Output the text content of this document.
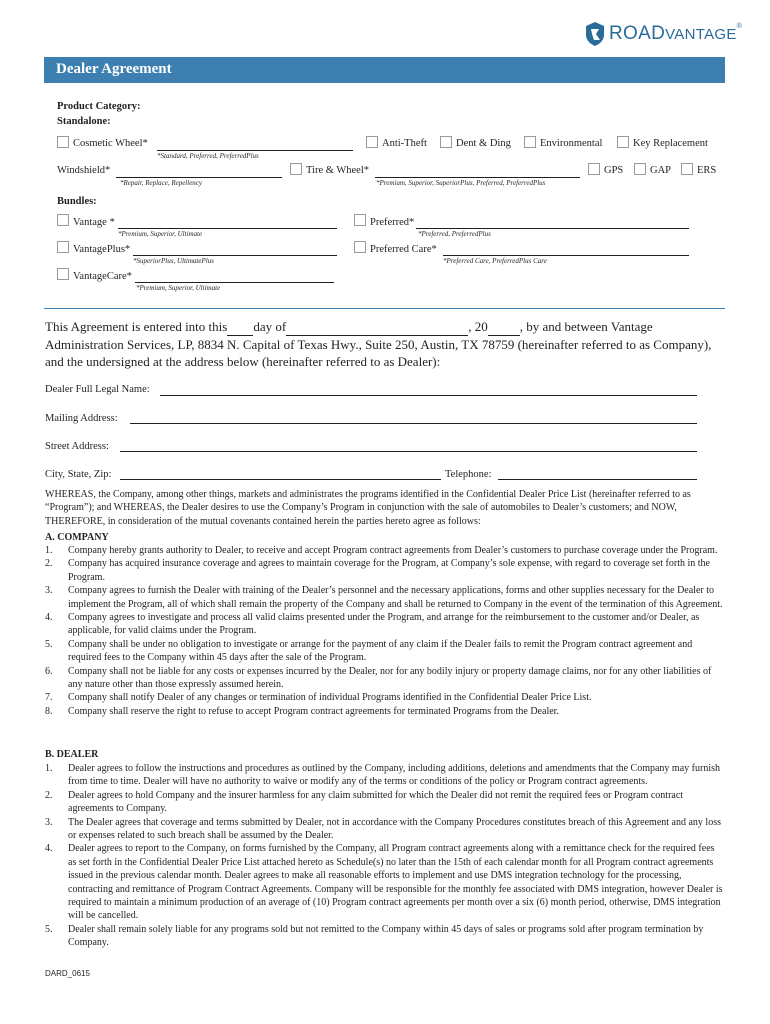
ROADVANTAGE®
Dealer Agreement
Product Category:
Standalone:
Cosmetic Wheel*
*Standard, Preferred, PreferredPlus
Anti-Theft	Dent & Ding	Environmental	Key Replacement
Windshield*
*Repair, Replace, Repellency
Tire & Wheel*
*Premium, Superior, SuperiorPlus, Preferred, PreferredPlus
GPS	GAP ERS
Bundles:
Vantage *
*Premium, Superior, Ultimate
Preferred*
*Preferred, PreferredPlus
VantagePlus*
*SuperiorPlus, UltimatePlus
Preferred Care*
*Preferred Care, PreferredPlus Care
VantageCare*
*Premium, Superior, Ultimate
This Agreement is entered into this day of	, 20 , by and between Vantage Administration Services, LP, 8834 N. Capital of Texas Hwy., Suite 250, Austin, TX 78759 (hereinafter referred to as Company), and the undersigned at the address below (hereinafter referred to as Dealer):
Dealer Full Legal Name:
Mailing Address:
Street Address:
City, State, Zip:	Telephone:
WHEREAS, the Company, among other things, markets and administrates the programs identified in the Confidential Dealer Price List (hereinafter referred to as “Program”); and WHEREAS, the Dealer desires to use the Company’s Program in conjunction with the sale of automobiles to Dealer’s customers; and NOW, THEREFORE, in consideration of the mutual covenants contained herein the parties hereto agree as follows:
A. COMPANY
1. Company hereby grants authority to Dealer, to receive and accept Program contract agreements from Dealer’s customers to purchase coverage under the Program.
2. Company has acquired insurance coverage and agrees to maintain coverage for the Program, at Company’s sole expense, with regard to coverage set forth in the Program.
3. Company agrees to furnish the Dealer with training of the Dealer’s personnel and the necessary applications, forms and other supplies necessary for the Dealer to implement the Program, all of which shall remain the property of the Company and shall be returned to Company in the event of the termination of this Agreement.
4. Company agrees to investigate and process all valid claims presented under the Program, and arrange for the reimbursement to the customer and/or Dealer, as applicable, for valid claims under the Program.
5. Company shall be under no obligation to investigate or arrange for the payment of any claim if the Dealer fails to remit the Program contract agreement and required fees to the Company within 45 days after the sale of the Program.
6. Company shall not be liable for any costs or expenses incurred by the Dealer, nor for any bodily injury or property damage claims, nor for any other liabilities of any nature other than those expressly assumed herein.
7. Company shall notify Dealer of any changes or termination of individual Programs identified in the Confidential Dealer Price List.
8. Company shall reserve the right to refuse to accept Program contract agreements for terminated Programs from the Dealer.
B. DEALER
1. Dealer agrees to follow the instructions and procedures as outlined by the Company, including additions, deletions and amendments that the Company may furnish from time to time. Dealer will have no authority to waive or modify any of the terms or conditions of the policy or Program contract agreements.
2. Dealer agrees to hold Company and the insurer harmless for any claim submitted for which the Dealer did not remit the required fees or Program contract agreements to Company.
3. The Dealer agrees that coverage and terms submitted by Dealer, not in accordance with the Company Procedures constitutes breach of this Agreement and any loss or expenses related to such breach shall be assumed by the Dealer.
4. Dealer agrees to report to the Company, on forms furnished by the Company, all Program contract agreements along with a remittance check for the required fees as set forth in the Confidential Dealer Price List attached hereto as Schedule(s) no later than the 15th of each calendar month for all Program contract agreements issued in the previous calendar month. Dealer agrees to make all reasonable efforts to implement and use DMS integration technology for the processing, contracting and remittance of Program Contract Agreements. Company will be responsible for the monthly fee associated with DMS integration, however Dealer is required to maintain a minimum production of an average of (10) Program contract agreements per month over a six (6) month period, otherwise, DMS integration will be cancelled.
5. Dealer shall remain solely liable for any programs sold but not remitted to the Company within 45 days of sales or programs sold after program termination by Company.
DARD_0615
